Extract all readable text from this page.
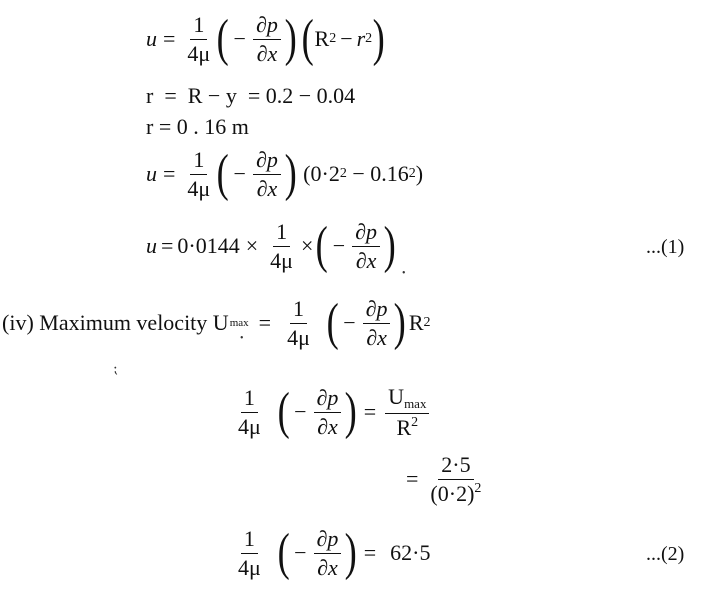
$u = \frac{1}{4\mu}$ ( − $\frac{\partial p}{\partial x}$ ) ( R 2 − r 2 )
r  =  R − y  = 0.2 − 0.04
r = 0 . 16 m
$u = \frac{1}{4\mu}$ ( − $\frac{\partial p}{\partial x}$ ) (0·2 2 − 0.16 2 )
$u = 0\cdot 0144 \times \frac{1}{4\mu}$ × ( − $\frac{\partial p}{\partial x}$ )	...(1)
(iv) Maximum velocity U $\max = \frac{1}{4\mu}$ ( − $\frac{\partial p}{\partial x}$ ) R 2
$\frac{1}{4\mu}$ ( − $\frac{\partial p}{\partial x}$ ) = $\frac{Umax}{R^2}$
= $\frac{2\cdot 5}{(0\cdot 2)^2}$
$\frac{1}{4\mu}$ ( − $\frac{\partial p}{\partial x}$ ) = 62·5	...(2)
⁏
•
•
